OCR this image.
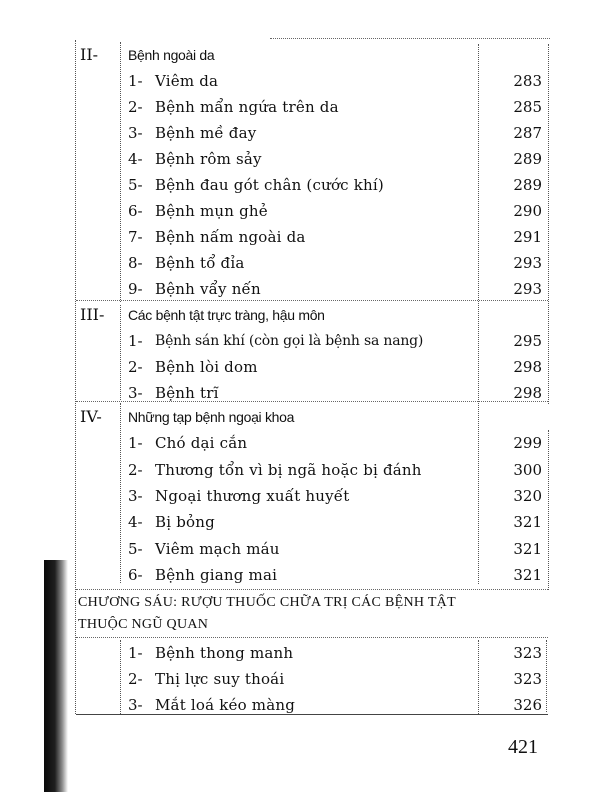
II- Bệnh ngoài da
1- Viêm da	283
2- Bệnh mẩn ngứa trên da	285
3- Bệnh mề đay	287
4- Bệnh rôm sảy	289
5- Bệnh đau gót chân (cước khí)	289
6- Bệnh mụn ghẻ	290
7- Bệnh nấm ngoài da	291
8- Bệnh tổ đỉa	293
9- Bệnh vẩy nến	293
III- Các bệnh tật trực tràng, hậu môn
1- Bệnh sán khí (còn gọi là bệnh sa nang)	295
2- Bệnh lòi dom	298
3- Bệnh trĩ	298
IV- Những tạp bệnh ngoại khoa
1- Chó dại cắn	299
2- Thương tổn vì bị ngã hoặc bị đánh	300
3- Ngoại thương xuất huyết	320
4- Bị bỏng	321
5- Viêm mạch máu	321
6- Bệnh giang mai	321
CHƯƠNG SÁU: RƯỢU THUỐC CHỮA TRỊ CÁC BỆNH TẬT
THUỘC NGŨ QUAN
1- Bệnh thong manh	323
2- Thị lực suy thoái	323
3- Mắt loá kéo màng	326
421
